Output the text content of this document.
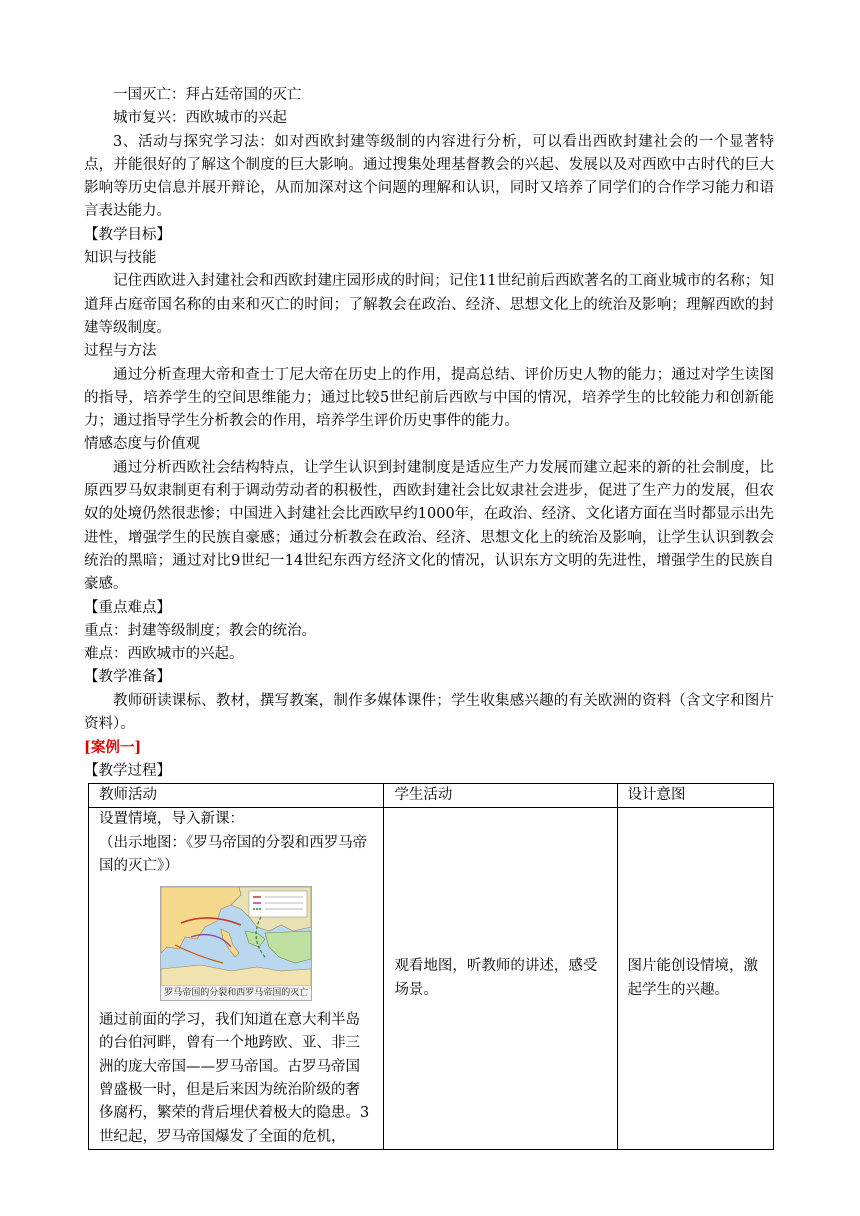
一国灭亡：拜占廷帝国的灭亡

城市复兴：西欧城市的兴起

3、活动与探究学习法：如对西欧封建等级制的内容进行分析，可以看出西欧封建社会的一个显著特点，并能很好的了解这个制度的巨大影响。通过搜集处理基督教会的兴起、发展以及对西欧中古时代的巨大影响等历史信息并展开辩论，从而加深对这个问题的理解和认识，同时又培养了同学们的合作学习能力和语言表达能力。

【教学目标】

知识与技能

记住西欧进入封建社会和西欧封建庄园形成的时间；记住11世纪前后西欧著名的工商业城市的名称；知道拜占庭帝国名称的由来和灭亡的时间；了解教会在政治、经济、思想文化上的统治及影响；理解西欧的封建等级制度。

过程与方法

通过分析查理大帝和查士丁尼大帝在历史上的作用，提高总结、评价历史人物的能力；通过对学生读图的指导，培养学生的空间思维能力；通过比较5世纪前后西欧与中国的情况，培养学生的比较能力和创新能力；通过指导学生分析教会的作用，培养学生评价历史事件的能力。

情感态度与价值观

通过分析西欧社会结构特点，让学生认识到封建制度是适应生产力发展而建立起来的新的社会制度，比原西罗马奴隶制更有利于调动劳动者的积极性，西欧封建社会比奴隶社会进步，促进了生产力的发展，但农奴的处境仍然很悲惨；中国进入封建社会比西欧早约1000年，在政治、经济、文化诸方面在当时都显示出先进性，增强学生的民族自豪感；通过分析教会在政治、经济、思想文化上的统治及影响，让学生认识到教会统治的黑暗；通过对比9世纪一14世纪东西方经济文化的情况，认识东方文明的先进性，增强学生的民族自豪感。

【重点难点】

重点：封建等级制度；教会的统治。

难点：西欧城市的兴起。

【教学准备】

教师研读课标、教材，撰写教案，制作多媒体课件；学生收集感兴趣的有关欧洲的资料（含文字和图片资料）。

[案例一]

【教学过程】

教师活动	学生活动	设计意图

设置情境，导入新课：
（出示地图：《罗马帝国的分裂和西罗马帝国的灭亡》）
罗马帝国的分裂和西罗马帝国的灭亡
通过前面的学习，我们知道在意大利半岛的台伯河畔，曾有一个地跨欧、亚、非三洲的庞大帝国——罗马帝国。古罗马帝国曾盛极一时，但是后来因为统治阶级的奢侈腐朽，繁荣的背后埋伏着极大的隐患。3世纪起，罗马帝国爆发了全面的危机，	观看地图，听教师的讲述，感受场景。	图片能创设情境，激起学生的兴趣。
